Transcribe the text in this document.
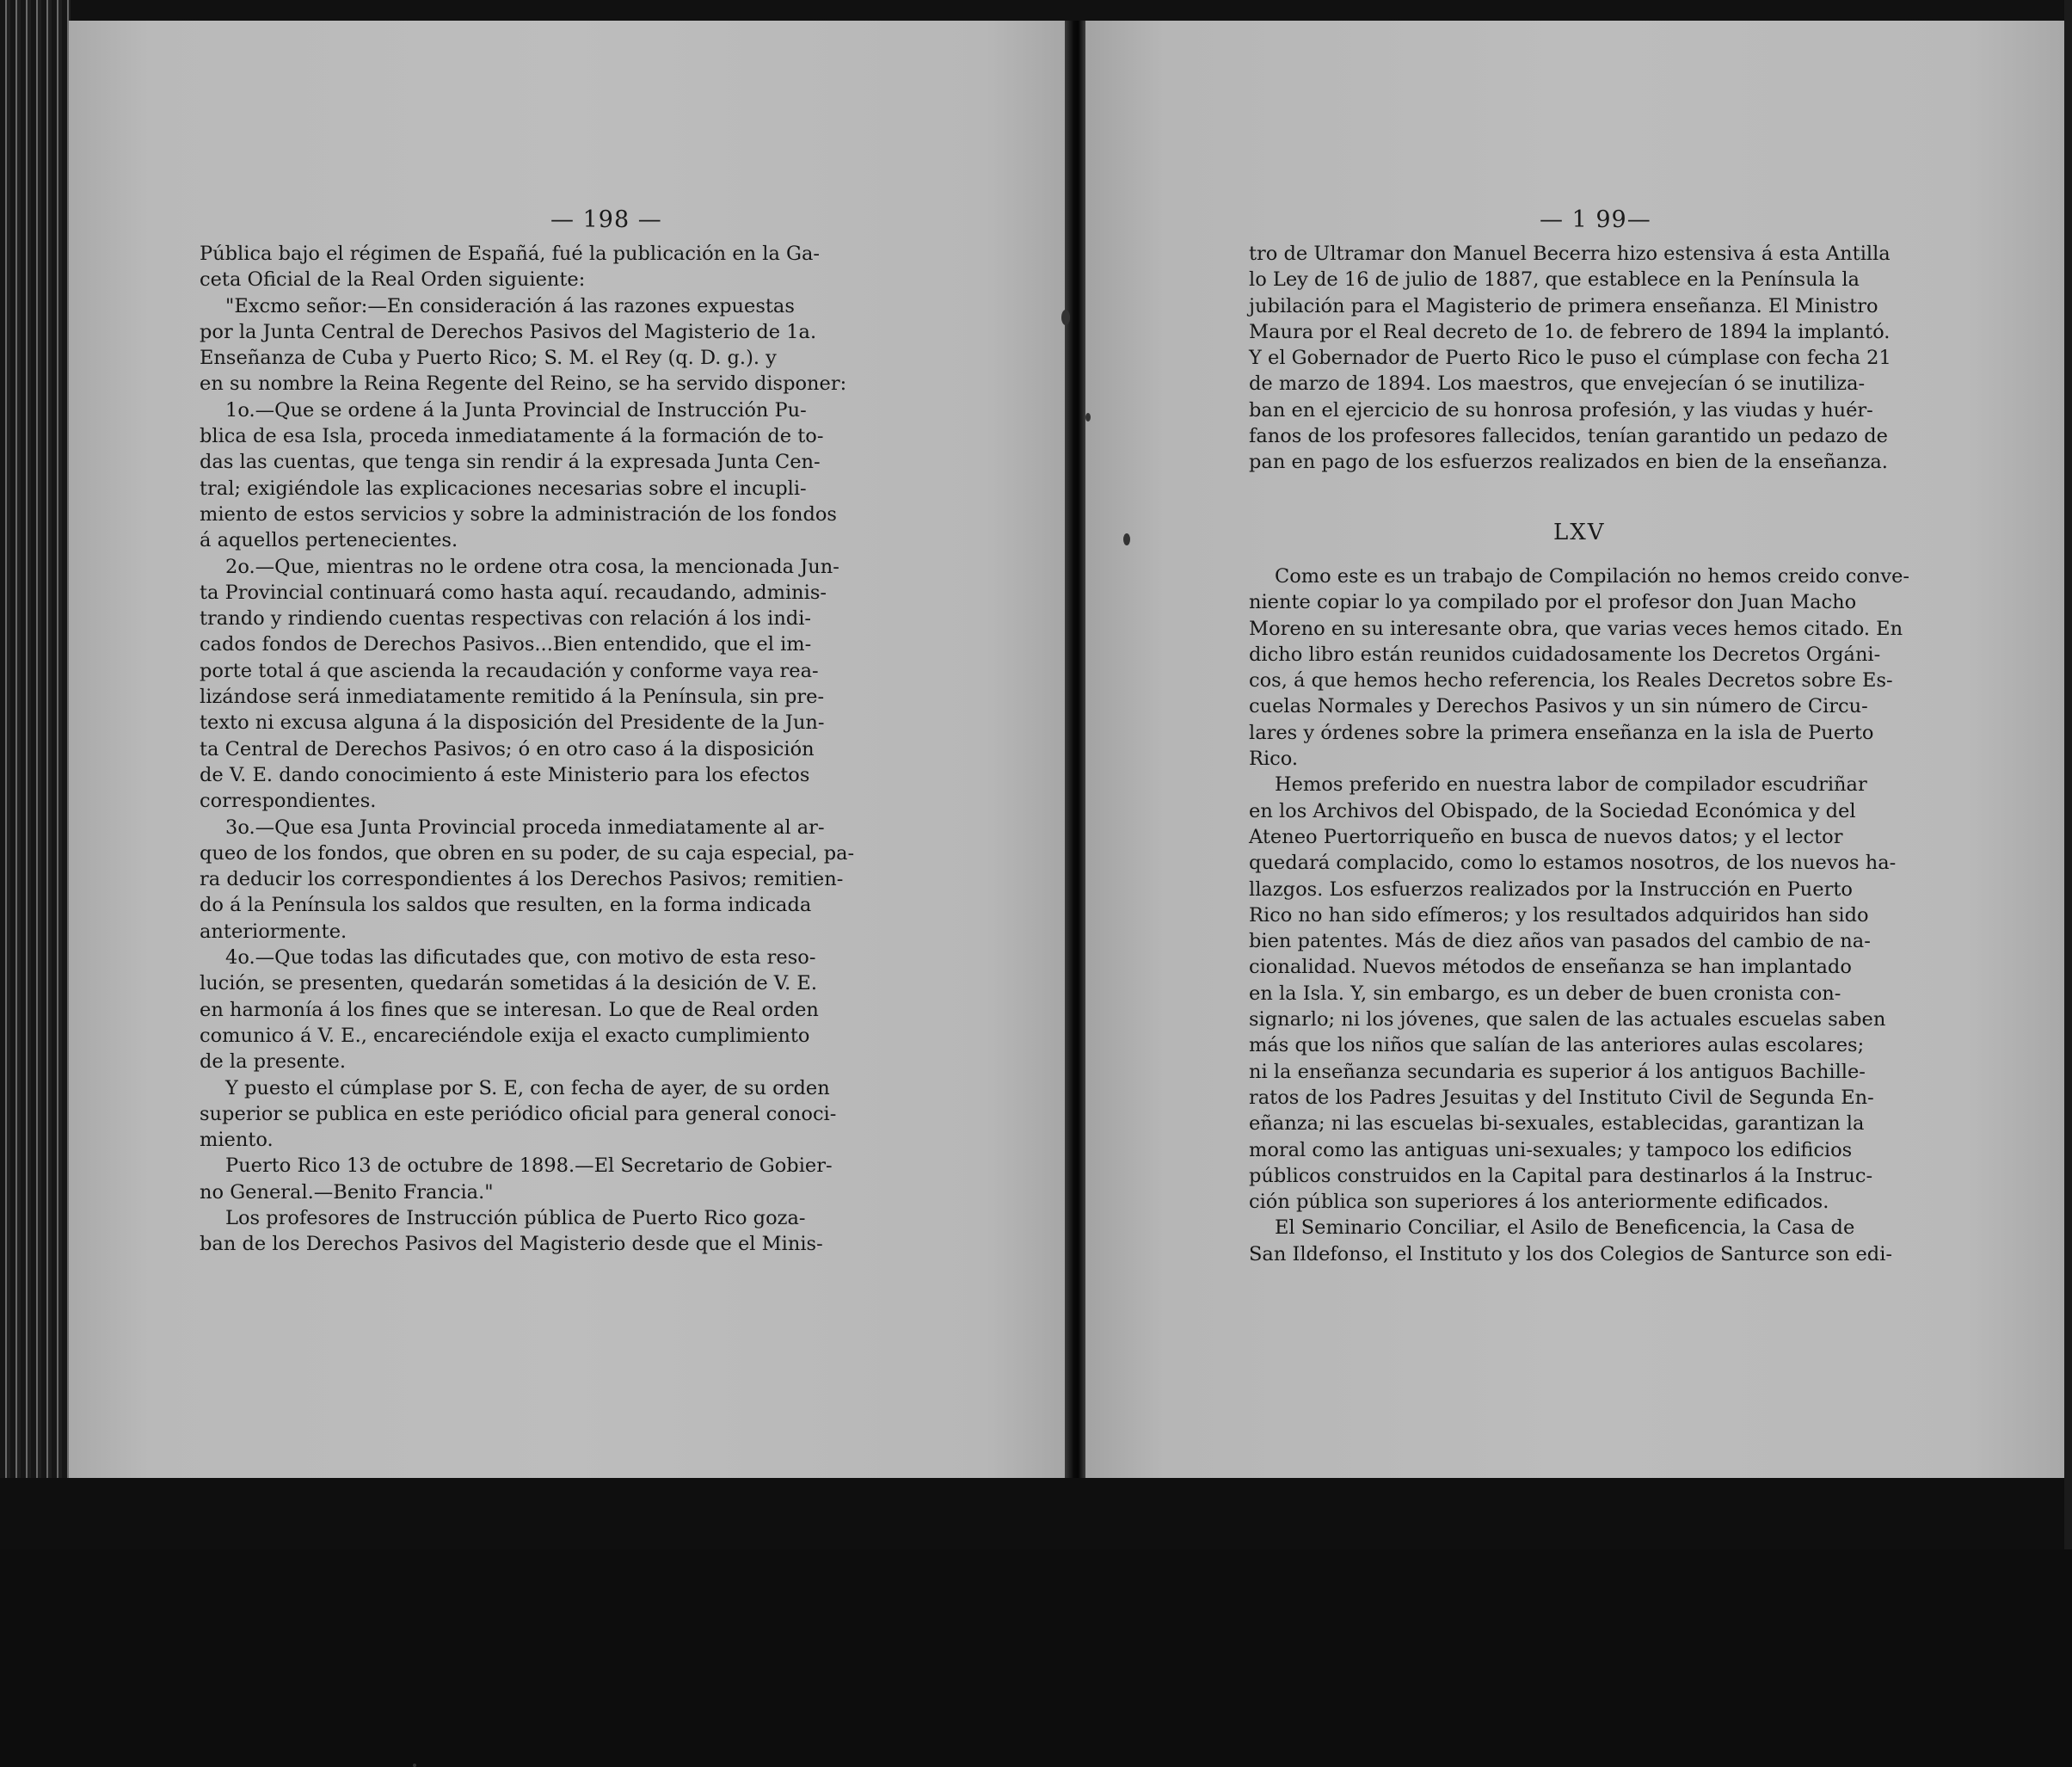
— 198 —	— 1 99—
Pública bajo el régimen de Españá, fué la publicación en la Ga-
ceta Oficial de la Real Orden siguiente:
"Excmo señor:—En consideración á las razones expuestas
por la Junta Central de Derechos Pasivos del Magisterio de 1a.
Enseñanza de Cuba y Puerto Rico; S. M. el Rey (q. D. g.). y
en su nombre la Reina Regente del Reino, se ha servido disponer:
1o.—Que se ordene á la Junta Provincial de Instrucción Pu-
blica de esa Isla, proceda inmediatamente á la formación de to-
das las cuentas, que tenga sin rendir á la expresada Junta Cen-
tral; exigiéndole las explicaciones necesarias sobre el incupli-
miento de estos servicios y sobre la administración de los fondos
á aquellos pertenecientes.
2o.—Que, mientras no le ordene otra cosa, la mencionada Jun-
ta Provincial continuará como hasta aquí. recaudando, adminis-
trando y rindiendo cuentas respectivas con relación á los indi-
cados fondos de Derechos Pasivos...Bien entendido, que el im-
porte total á que ascienda la recaudación y conforme vaya rea-
lizándose será inmediatamente remitido á la Península, sin pre-
texto ni excusa alguna á la disposición del Presidente de la Jun-
ta Central de Derechos Pasivos; ó en otro caso á la disposición
de V. E. dando conocimiento á este Ministerio para los efectos
correspondientes.
3o.—Que esa Junta Provincial proceda inmediatamente al ar-
queo de los fondos, que obren en su poder, de su caja especial, pa-
ra deducir los correspondientes á los Derechos Pasivos; remitien-
do á la Península los saldos que resulten, en la forma indicada
anteriormente.
4o.—Que todas las dificutades que, con motivo de esta reso-
lución, se presenten, quedarán sometidas á la desición de V. E.
en harmonía á los fines que se interesan. Lo que de Real orden
comunico á V. E., encareciéndole exija el exacto cumplimiento
de la presente.
Y puesto el cúmplase por S. E, con fecha de ayer, de su orden
superior se publica en este periódico oficial para general conoci-
miento.
Puerto Rico 13 de octubre de 1898.—El Secretario de Gobier-
no General.—Benito Francia."
Los profesores de Instrucción pública de Puerto Rico goza-
ban de los Derechos Pasivos del Magisterio desde que el Minis-
tro de Ultramar don Manuel Becerra hizo estensiva á esta Antilla
lo Ley de 16 de julio de 1887, que establece en la Península la
jubilación para el Magisterio de primera enseñanza. El Ministro
Maura por el Real decreto de 1o. de febrero de 1894 la implantó.
Y el Gobernador de Puerto Rico le puso el cúmplase con fecha 21
de marzo de 1894. Los maestros, que envejecían ó se inutiliza-
ban en el ejercicio de su honrosa profesión, y las viudas y huér-
fanos de los profesores fallecidos, tenían garantido un pedazo de
pan en pago de los esfuerzos realizados en bien de la enseñanza.
LXV
Como este es un trabajo de Compilación no hemos creido conve-
niente copiar lo ya compilado por el profesor don Juan Macho
Moreno en su interesante obra, que varias veces hemos citado. En
dicho libro están reunidos cuidadosamente los Decretos Orgáni-
cos, á que hemos hecho referencia, los Reales Decretos sobre Es-
cuelas Normales y Derechos Pasivos y un sin número de Circu-
lares y órdenes sobre la primera enseñanza en la isla de Puerto
Rico.
Hemos preferido en nuestra labor de compilador escudriñar
en los Archivos del Obispado, de la Sociedad Económica y del
Ateneo Puertorriqueño en busca de nuevos datos; y el lector
quedará complacido, como lo estamos nosotros, de los nuevos ha-
llazgos. Los esfuerzos realizados por la Instrucción en Puerto
Rico no han sido efímeros; y los resultados adquiridos han sido
bien patentes. Más de diez años van pasados del cambio de na-
cionalidad. Nuevos métodos de enseñanza se han implantado
en la Isla. Y, sin embargo, es un deber de buen cronista con-
signarlo; ni los jóvenes, que salen de las actuales escuelas saben
más que los niños que salían de las anteriores aulas escolares;
ni la enseñanza secundaria es superior á los antiguos Bachille-
ratos de los Padres Jesuitas y del Instituto Civil de Segunda En-
eñanza; ni las escuelas bi-sexuales, establecidas, garantizan la
moral como las antiguas uni-sexuales; y tampoco los edificios
públicos construidos en la Capital para destinarlos á la Instruc-
ción pública son superiores á los anteriormente edificados.
El Seminario Conciliar, el Asilo de Beneficencia, la Casa de
San Ildefonso, el Instituto y los dos Colegios de Santurce son edi-
